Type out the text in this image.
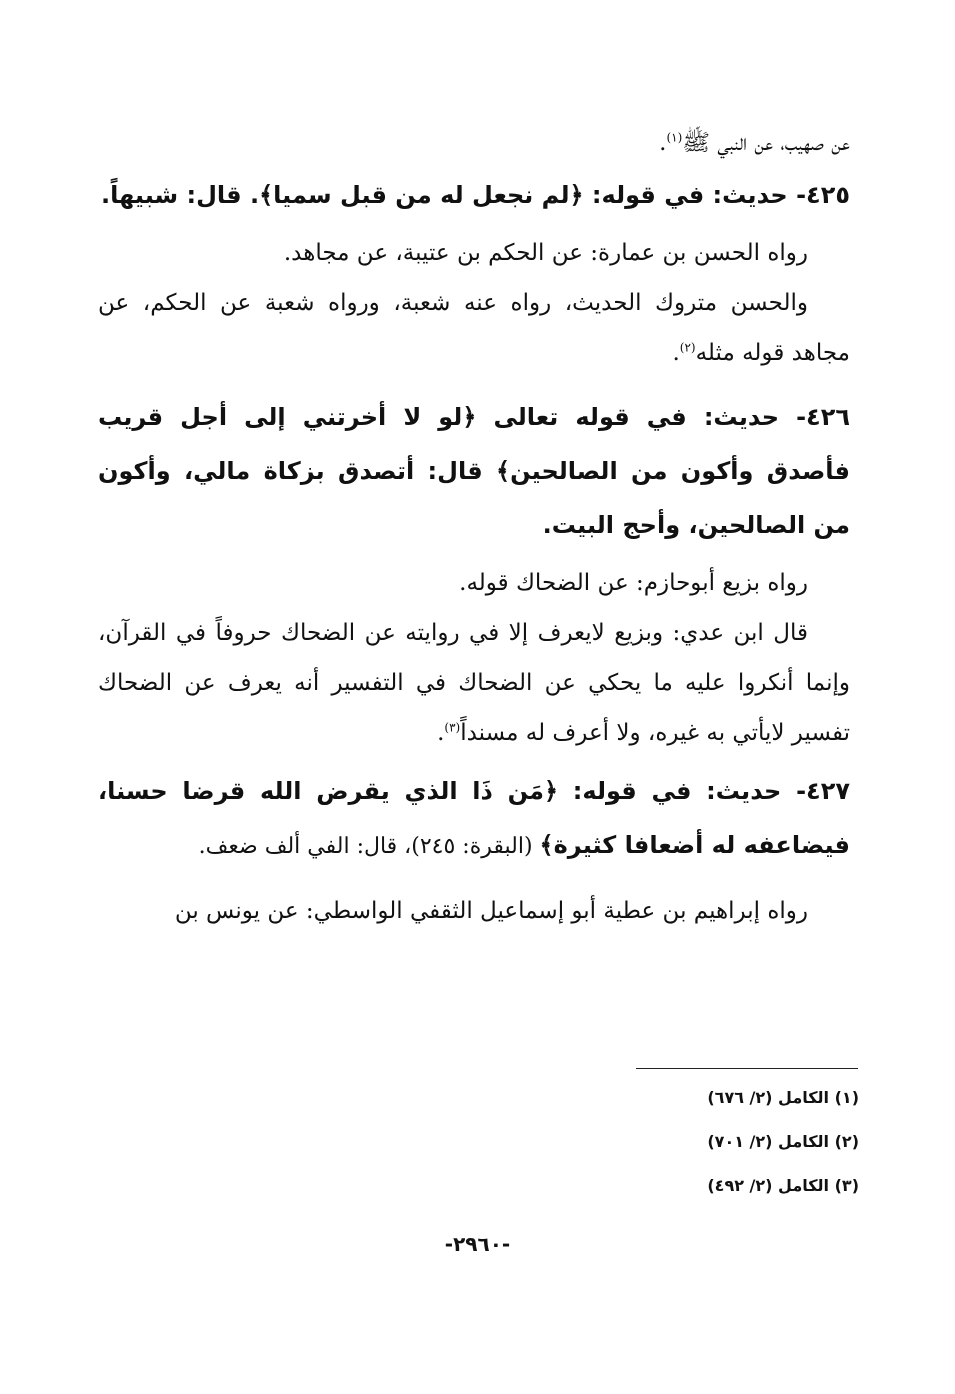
عن صهيب، عن النبي ﷺ$^{(١)}$.

٤٢٥- حديث: في قوله: ﴿لم نجعل له من قبل سميا﴾. قال: شبيهاً.

رواه الحسن بن عمارة: عن الحكم بن عتيبة، عن مجاهد.

والحسن متروك الحديث، رواه عنه شعبة، ورواه شعبة عن الحكم، عن مجاهد قوله مثله$^{(٢)}$.

٤٢٦- حديث: في قوله تعالى ﴿لو لا أخرتني إلى أجل قريب فأصدق وأكون من الصالحين﴾ قال: أتصدق بزكاة مالي، وأكون من الصالحين، وأحج البيت.

رواه بزيع أبوحازم: عن الضحاك قوله.

قال ابن عدي: وبزيع لايعرف إلا في روايته عن الضحاك حروفاً في القرآن، وإنما أنكروا عليه ما يحكي عن الضحاك في التفسير أنه يعرف عن الضحاك تفسير لايأتي به غيره، ولا أعرف له مسنداً$^{(٣)}$.

٤٢٧- حديث: في قوله: ﴿مَن ذَا الذي يقرض الله قرضا حسنا، فيضاعفه له أضعافا كثيرة﴾ (البقرة: ٢٤٥)، قال: الفي ألف ضعف.

رواه إبراهيم بن عطية أبو إسماعيل الثقفي الواسطي: عن يونس بن

(١) الكامل (٢/ ٦٧٦)
(٢) الكامل (٢/ ٧٠١)
(٣) الكامل (٢/ ٤٩٢)
-٢٩٦٠-
